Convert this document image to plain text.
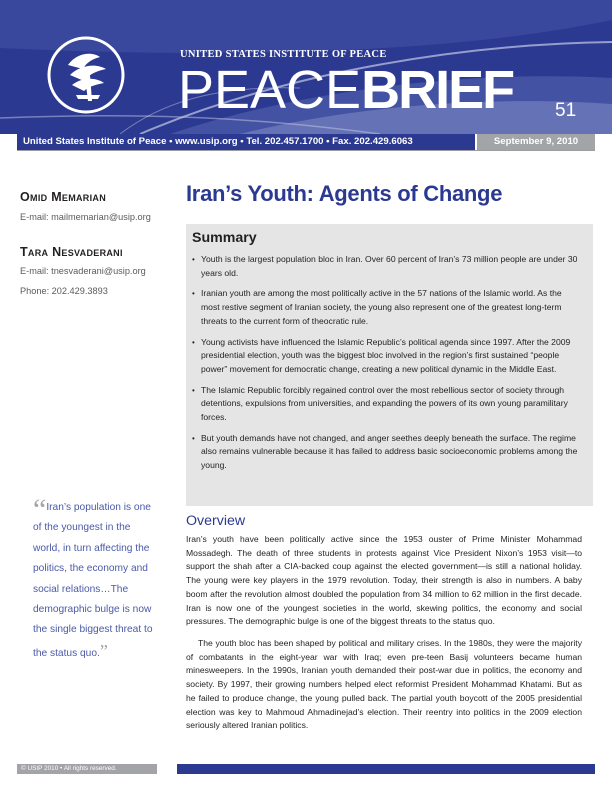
UNITED STATES INSTITUTE OF PEACE
PEACEBRIEF 51
United States Institute of Peace • www.usip.org • Tel. 202.457.1700 • Fax. 202.429.6063	September 9, 2010
Omid Memarian
E-mail: mailmemarian@usip.org
Tara Nesvaderani
E-mail: tnesvaderani@usip.org
Phone: 202.429.3893
“Iran’s population is one of the youngest in the world, in turn affecting the politics, the economy and social relations…The demographic bulge is now the single biggest threat to the status quo.”
Iran’s Youth: Agents of Change
Summary
• Youth is the largest population bloc in Iran. Over 60 percent of Iran’s 73 million people are under 30 years old.
• Iranian youth are among the most politically active in the 57 nations of the Islamic world. As the most restive segment of Iranian society, the young also represent one of the greatest long-term threats to the current form of theocratic rule.
• Young activists have influenced the Islamic Republic’s political agenda since 1997. After the 2009 presidential election, youth was the biggest bloc involved in the region’s first sustained “people power” movement for democratic change, creating a new political dynamic in the Middle East.
• The Islamic Republic forcibly regained control over the most rebellious sector of society through detentions, expulsions from universities, and expanding the powers of its own young paramilitary forces.
• But youth demands have not changed, and anger seethes deeply beneath the surface. The regime also remains vulnerable because it has failed to address basic socioeconomic problems among the young.
Overview

Iran’s youth have been politically active since the 1953 ouster of Prime Minister Mohammad Mossadegh. The death of three students in protests against Vice President Nixon’s 1953 visit—to support the shah after a CIA-backed coup against the elected government—is still a national holiday. The young were key players in the 1979 revolution. Today, their strength is also in numbers. A baby boom after the revolution almost doubled the population from 34 million to 62 million in the first decade. Iran is now one of the youngest societies in the world, skewing politics, the economy and social pressures. The demographic bulge is one of the biggest threats to the status quo.

The youth bloc has been shaped by political and military crises. In the 1980s, they were the majority of combatants in the eight-year war with Iraq; even pre-teen Basij volunteers became human minesweepers. In the 1990s, Iranian youth demanded their post-war due in politics, the economy and society. By 1997, their growing numbers helped elect reformist President Mohammad Khatami. But as he failed to produce change, the young pulled back. The partial youth boycott of the 2005 presidential election was key to Mahmoud Ahmadinejad’s election. Their reentry into politics in the 2009 election seriously altered Iranian politics.

© USIP 2010 • All rights reserved.
